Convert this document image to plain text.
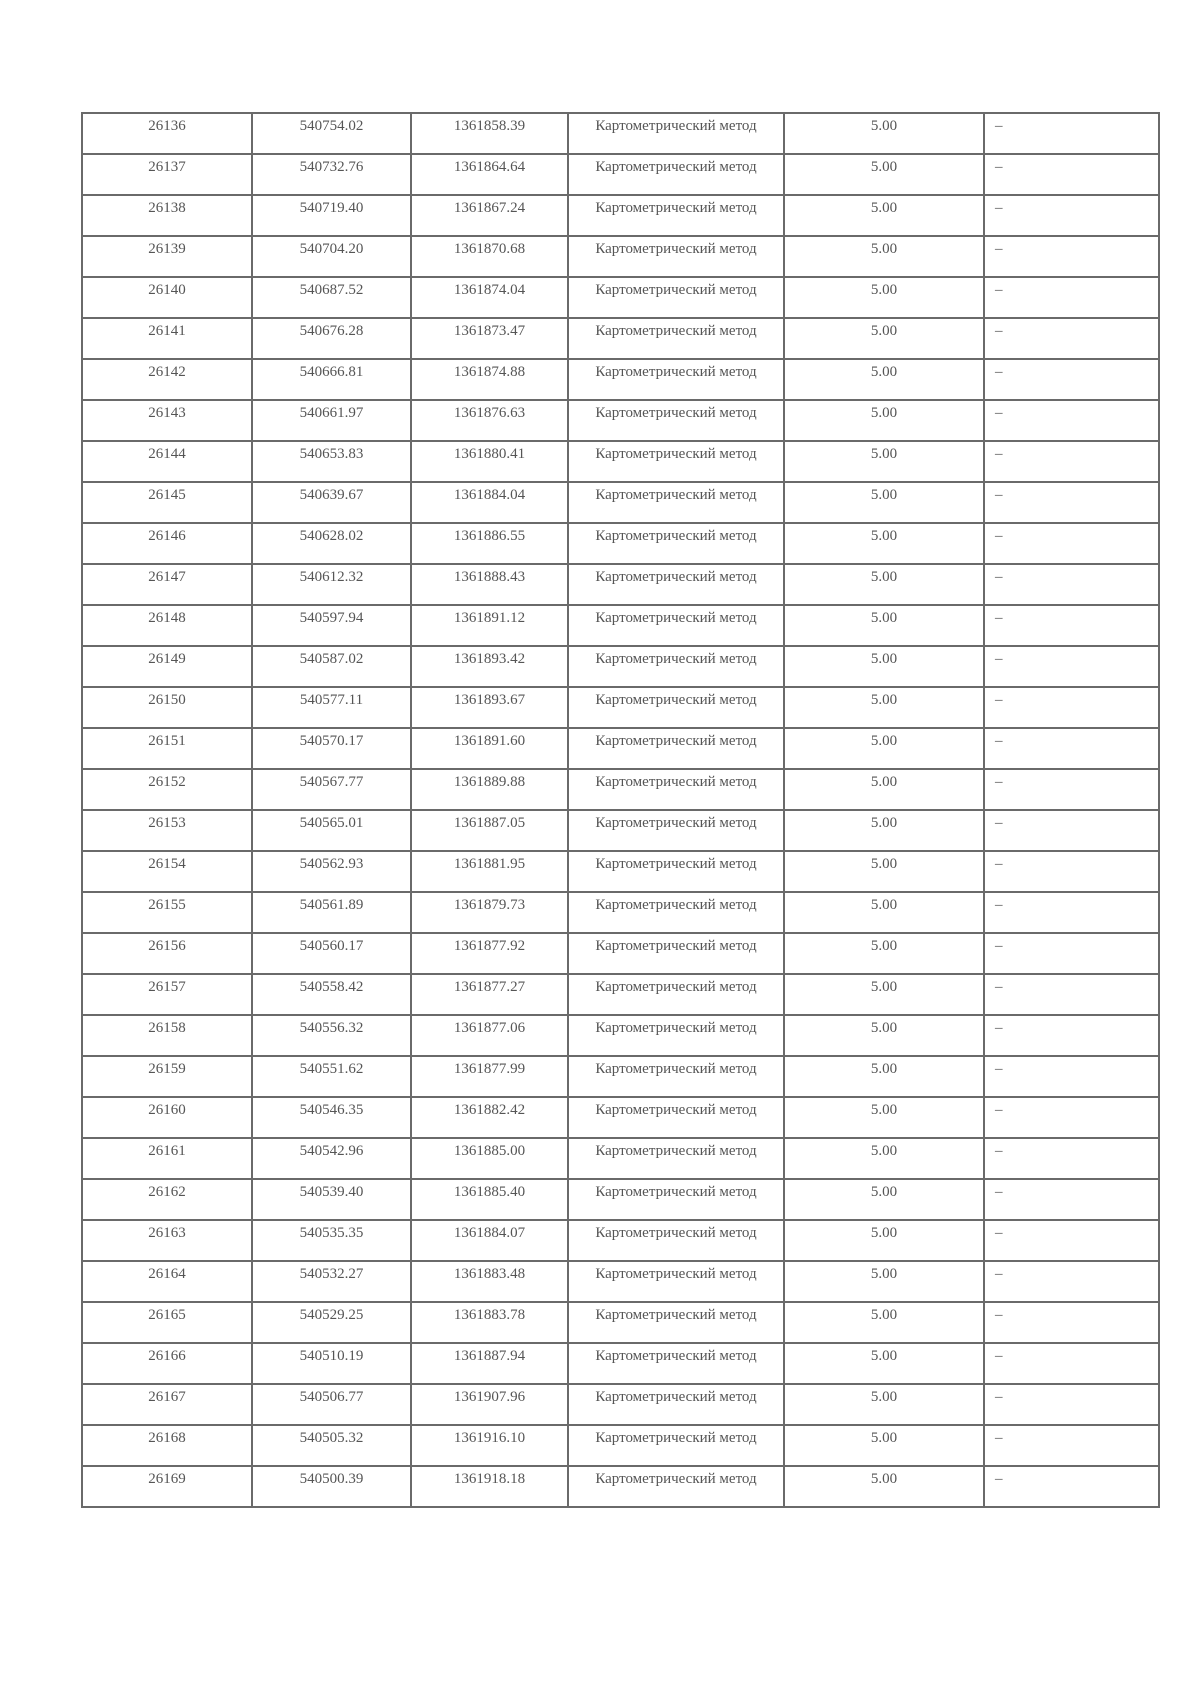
26136	540754.02	1361858.39	Картометрический метод	5.00	–

26137	540732.76	1361864.64	Картометрический метод	5.00	–

26138	540719.40	1361867.24	Картометрический метод	5.00	–

26139	540704.20	1361870.68	Картометрический метод	5.00	–

26140	540687.52	1361874.04	Картометрический метод	5.00	–

26141	540676.28	1361873.47	Картометрический метод	5.00	–

26142	540666.81	1361874.88	Картометрический метод	5.00	–

26143	540661.97	1361876.63	Картометрический метод	5.00	–

26144	540653.83	1361880.41	Картометрический метод	5.00	–

26145	540639.67	1361884.04	Картометрический метод	5.00	–

26146	540628.02	1361886.55	Картометрический метод	5.00	–

26147	540612.32	1361888.43	Картометрический метод	5.00	–

26148	540597.94	1361891.12	Картометрический метод	5.00	–

26149	540587.02	1361893.42	Картометрический метод	5.00	–

26150	540577.11	1361893.67	Картометрический метод	5.00	–

26151	540570.17	1361891.60	Картометрический метод	5.00	–

26152	540567.77	1361889.88	Картометрический метод	5.00	–

26153	540565.01	1361887.05	Картометрический метод	5.00	–

26154	540562.93	1361881.95	Картометрический метод	5.00	–

26155	540561.89	1361879.73	Картометрический метод	5.00	–

26156	540560.17	1361877.92	Картометрический метод	5.00	–

26157	540558.42	1361877.27	Картометрический метод	5.00	–

26158	540556.32	1361877.06	Картометрический метод	5.00	–

26159	540551.62	1361877.99	Картометрический метод	5.00	–

26160	540546.35	1361882.42	Картометрический метод	5.00	–

26161	540542.96	1361885.00	Картометрический метод	5.00	–

26162	540539.40	1361885.40	Картометрический метод	5.00	–

26163	540535.35	1361884.07	Картометрический метод	5.00	–

26164	540532.27	1361883.48	Картометрический метод	5.00	–

26165	540529.25	1361883.78	Картометрический метод	5.00	–

26166	540510.19	1361887.94	Картометрический метод	5.00	–

26167	540506.77	1361907.96	Картометрический метод	5.00	–

26168	540505.32	1361916.10	Картометрический метод	5.00	–

26169	540500.39	1361918.18	Картометрический метод	5.00	–
